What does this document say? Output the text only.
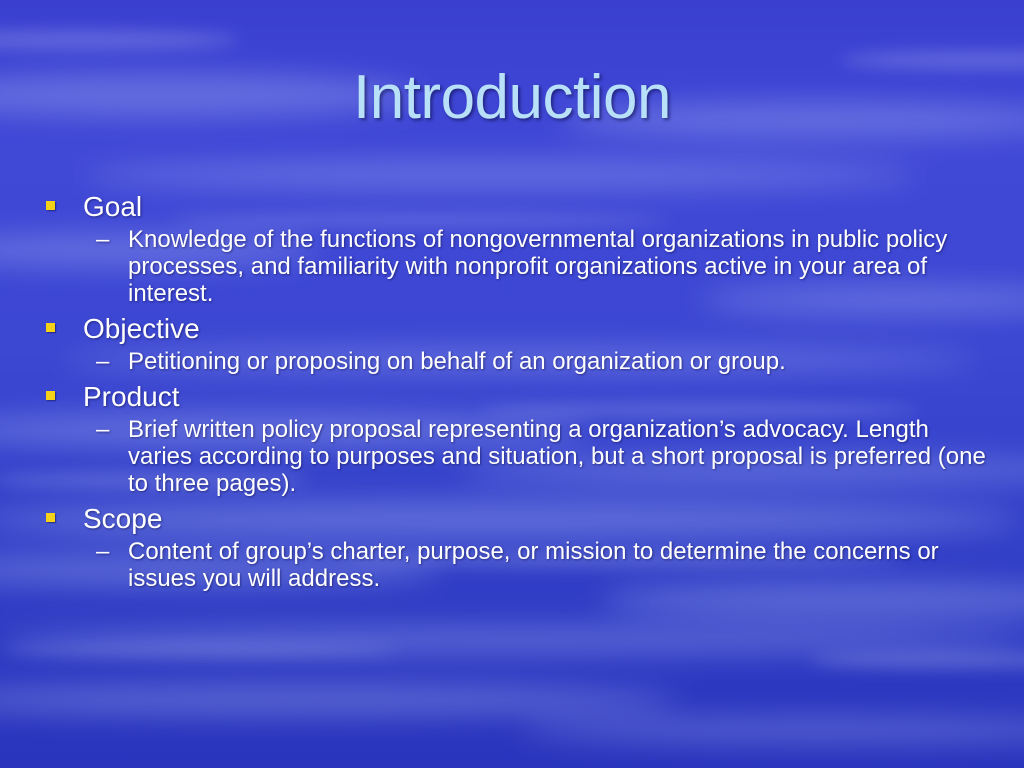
Introduction
Goal
– Knowledge of the functions of nongovernmental organizations in public policy processes, and familiarity with nonprofit organizations active in your area of interest.
Objective
– Petitioning or proposing on behalf of an organization or group.
Product
– Brief written policy proposal representing a organization’s advocacy. Length varies according to purposes and situation, but a short proposal is preferred (one to three pages).
Scope
– Content of group’s charter, purpose, or mission to determine the concerns or issues you will address.
